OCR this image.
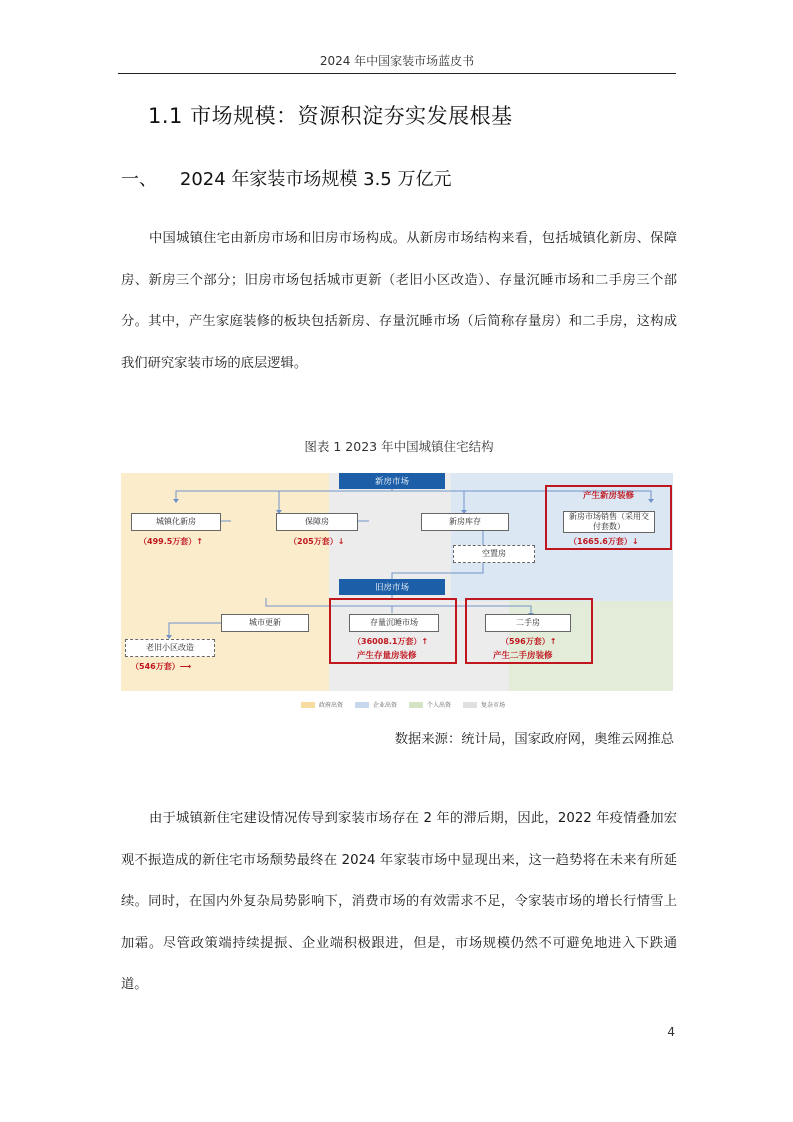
2024 年中国家装市场蓝皮书
1.1 市场规模：资源积淀夯实发展根基
一、    2024 年家装市场规模 3.5 万亿元

中国城镇住宅由新房市场和旧房市场构成。从新房市场结构来看，包括城镇化新房、保障房、新房三个部分；旧房市场包括城市更新（老旧小区改造）、存量沉睡市场和二手房三个部分。其中，产生家庭装修的板块包括新房、存量沉睡市场（后简称存量房）和二手房，这构成我们研究家装市场的底层逻辑。

图表 1 2023 年中国城镇住宅结构
新房市场
城镇化新房
（499.5万套）↑
保障房
（205万套）↓
新房库存
空置房
产生新房装修
新房市场销售（采用交付套数）
（1665.6万套）↓
旧房市场
城市更新
老旧小区改造
（546万套）⟶
存量沉睡市场
（36008.1万套）↑
产生存量房装修
二手房
（596万套）↑
产生二手房装修
政府出资	企业出资	个人出资	复杂市场
数据来源：统计局，国家政府网，奥维云网推总

由于城镇新住宅建设情况传导到家装市场存在 2 年的滞后期，因此，2022 年疫情叠加宏观不振造成的新住宅市场颓势最终在 2024 年家装市场中显现出来，这一趋势将在未来有所延续。同时，在国内外复杂局势影响下，消费市场的有效需求不足，令家装市场的增长行情雪上加霜。尽管政策端持续提振、企业端积极跟进，但是，市场规模仍然不可避免地进入下跌通道。

4
